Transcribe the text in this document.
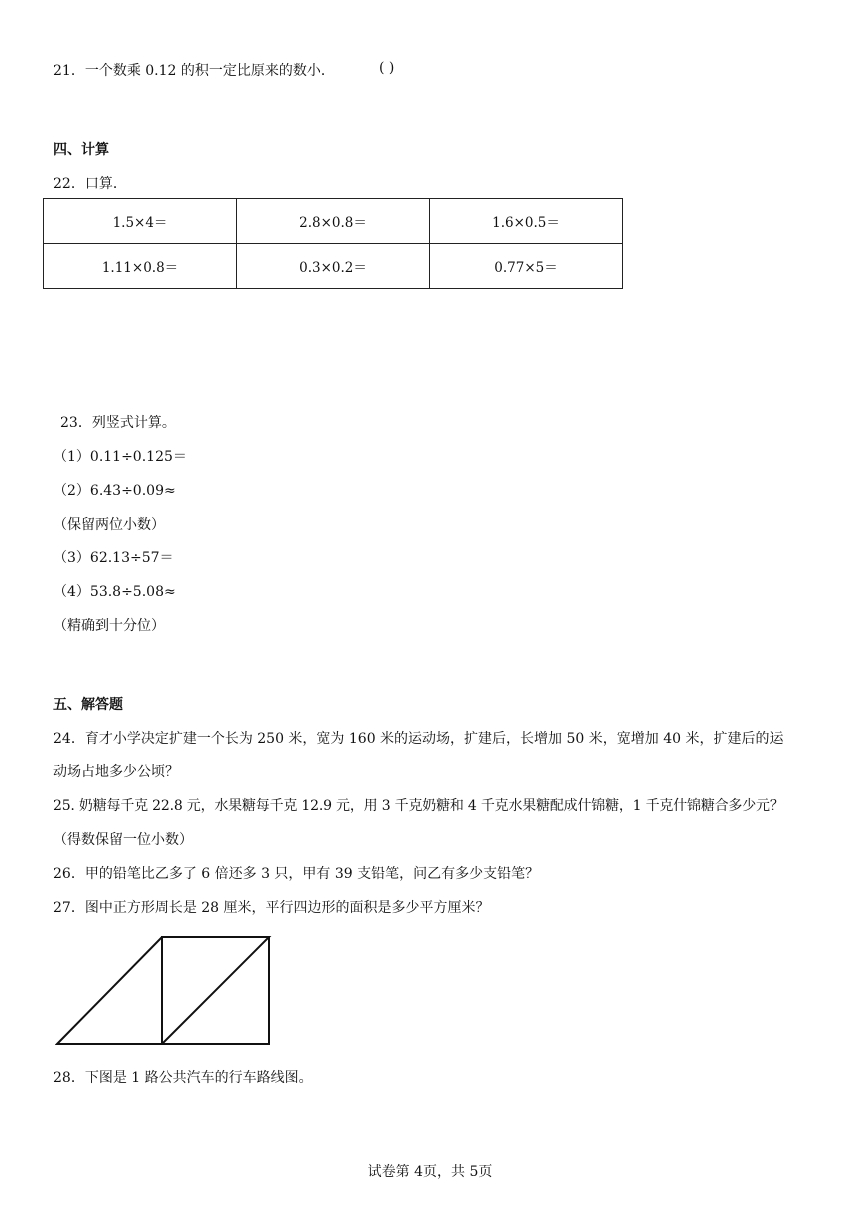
21．一个数乘 0.12 的积一定比原来的数小．	( )
四、计算
22．口算．
1.5×4＝	2.8×0.8＝	1.6×0.5＝
1.11×0.8＝	0.3×0.2＝	0.77×5＝
23．列竖式计算。
（1）0.11÷0.125＝
（2）6.43÷0.09≈
（保留两位小数）
（3）62.13÷57＝
（4）53.8÷5.08≈
（精确到十分位）
五、解答题
24．育才小学决定扩建一个长为 250 米，宽为 160 米的运动场，扩建后，长增加 50 米，宽增加 40 米，扩建后的运
动场占地多少公顷？
25. 奶糖每千克 22.8 元，水果糖每千克 12.9 元，用 3 千克奶糖和 4 千克水果糖配成什锦糖，1 千克什锦糖合多少元？
（得数保留一位小数）
26．甲的铅笔比乙多了 6 倍还多 3 只，甲有 39 支铅笔，问乙有多少支铅笔？
27．图中正方形周长是 28 厘米，平行四边形的面积是多少平方厘米？
28．下图是 1 路公共汽车的行车路线图。
试卷第 4页，共 5页
